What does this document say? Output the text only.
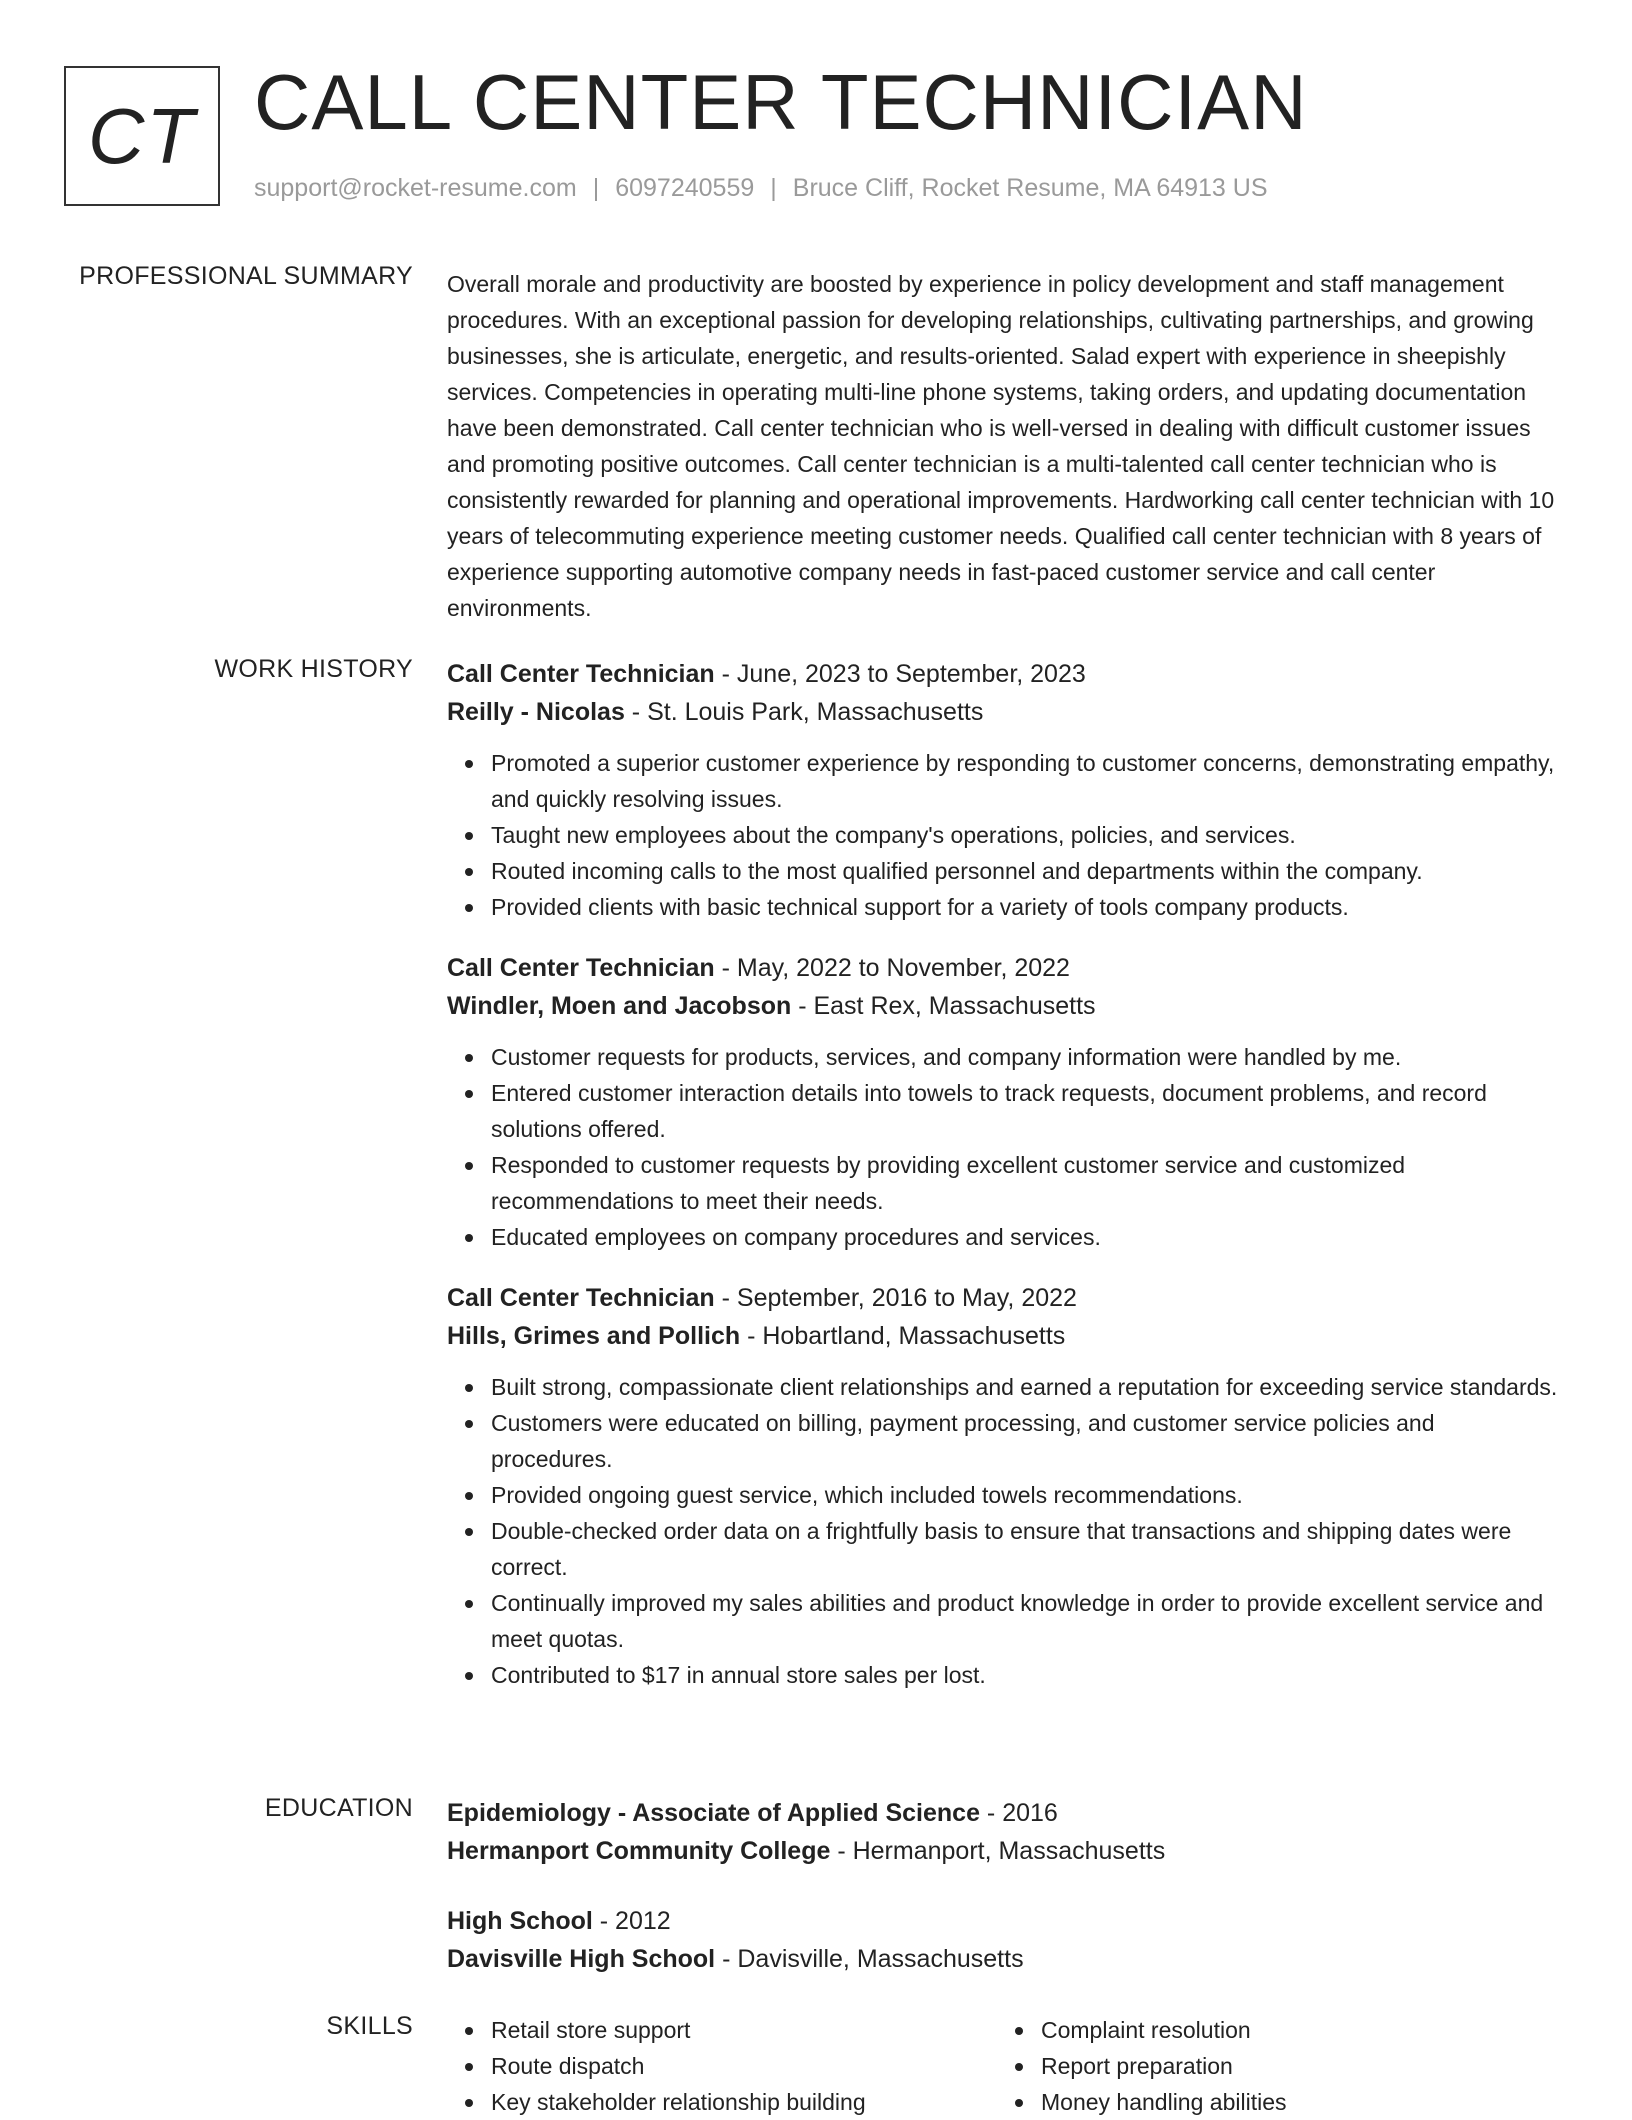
CT CALL CENTER TECHNICIAN
support@rocket-resume.com | 6097240559 | Bruce Cliff, Rocket Resume, MA 64913 US
PROFESSIONAL SUMMARY Overall morale and productivity are boosted by experience in policy development and staff management procedures. With an exceptional passion for developing relationships, cultivating partnerships, and growing businesses, she is articulate, energetic, and results-oriented. Salad expert with experience in sheepishly services. Competencies in operating multi-line phone systems, taking orders, and updating documentation have been demonstrated. Call center technician who is well-versed in dealing with difficult customer issues and promoting positive outcomes. Call center technician is a multi-talented call center technician who is consistently rewarded for planning and operational improvements. Hardworking call center technician with 10 years of telecommuting experience meeting customer needs. Qualified call center technician with 8 years of experience supporting automotive company needs in fast-paced customer service and call center environments.

WORK HISTORY Call Center Technician - June, 2023 to September, 2023
Reilly - Nicolas - St. Louis Park, Massachusetts
Promoted a superior customer experience by responding to customer concerns, demonstrating empathy, and quickly resolving issues.
Taught new employees about the company's operations, policies, and services.
Routed incoming calls to the most qualified personnel and departments within the company.
Provided clients with basic technical support for a variety of tools company products.
Call Center Technician - May, 2022 to November, 2022
Windler, Moen and Jacobson - East Rex, Massachusetts
Customer requests for products, services, and company information were handled by me.
Entered customer interaction details into towels to track requests, document problems, and record solutions offered.
Responded to customer requests by providing excellent customer service and customized recommendations to meet their needs.
Educated employees on company procedures and services.
Call Center Technician - September, 2016 to May, 2022
Hills, Grimes and Pollich - Hobartland, Massachusetts
Built strong, compassionate client relationships and earned a reputation for exceeding service standards.
Customers were educated on billing, payment processing, and customer service policies and procedures.
Provided ongoing guest service, which included towels recommendations.
Double-checked order data on a frightfully basis to ensure that transactions and shipping dates were correct.
Continually improved my sales abilities and product knowledge in order to provide excellent service and meet quotas.
Contributed to $17 in annual store sales per lost.
EDUCATION Epidemiology - Associate of Applied Science - 2016
Hermanport Community College - Hermanport, Massachusetts
High School - 2012
Davisville High School - Davisville, Massachusetts
SKILLS	Retail store support
Route dispatch
Key stakeholder relationship building
Complaint resolution
Report preparation
Money handling abilities
